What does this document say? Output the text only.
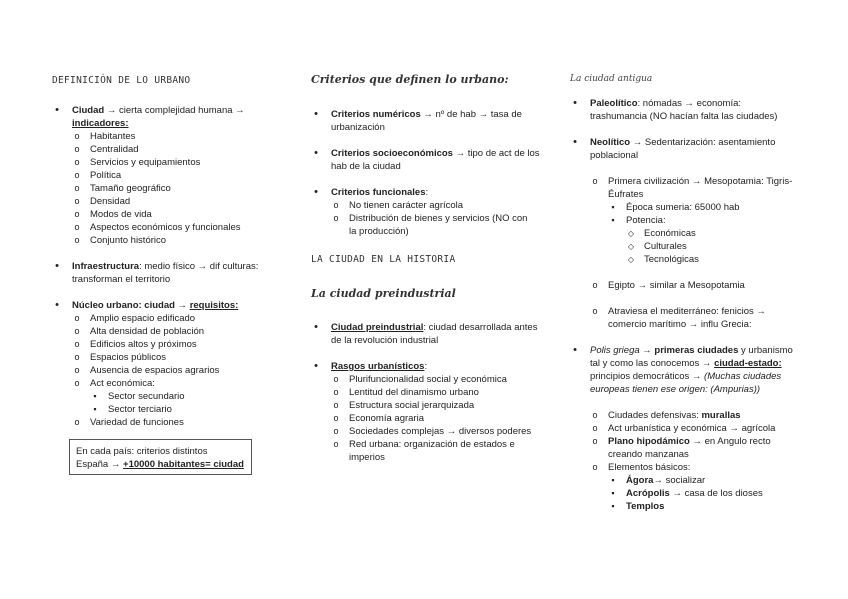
DEFINICIÓN DE LO URBANO
•
Ciudad → cierta complejidad humana →
indicadores:
o
Habitantes
o
Centralidad
o
Servicios y equipamientos
o
Política
o
Tamaño geográfico
o
Densidad
o
Modos de vida
o
Aspectos económicos y funcionales
o
Conjunto histórico
•
Infraestructura: medio físico → dif culturas:
transforman el territorio
•
Núcleo urbano: ciudad → requisitos:
o
Amplio espacio edificado
o
Alta densidad de población
o
Edificios altos y próximos
o
Espacios públicos
o
Ausencia de espacios agrarios
o
Act económica:
▪
Sector secundario
▪
Sector terciario
o
Variedad de funciones
En cada país: criterios distintos
España → +10000 habitantes= ciudad
Criterios que definen lo urbano:
•
Criterios numéricos → nº de hab → tasa de
urbanización
•
Criterios socioeconómicos → tipo de act de los
hab de la ciudad
•
Criterios funcionales:
o
No tienen carácter agrícola
o
Distribución de bienes y servicios (NO con
la producción)
LA CIUDAD EN LA HISTORIA
La ciudad preindustrial
•
Ciudad preindustrial: ciudad desarrollada antes
de la revolución industrial
•
Rasgos urbanísticos:
o
Plurifuncionalidad social y económica
o
Lentitud del dinamismo urbano
o
Estructura social jerarquizada
o
Economía agraria
o
Sociedades complejas → diversos poderes
o
Red urbana: organización de estados e
imperios
La ciudad antigua
•
Paleolítico: nómadas → economía:
trashumancia (NO hacían falta las ciudades)
•
Neolítico → Sedentarización: asentamiento
poblacional
o
Primera civilización → Mesopotamia: Tigris-
Éufrates
▪
Época sumeria: 65000 hab
▪
Potencia:
◇
Económicas
◇
Culturales
◇
Tecnológicas
o
Egipto → similar a Mesopotamia
o
Atraviesa el mediterráneo: fenicios →
comercio marítimo → influ Grecia:
•
Polis griega → primeras ciudades y urbanismo
tal y como las conocemos → ciudad-estado:
principios democráticos → (Muchas ciudades
europeas tienen ese origen: (Ampurias))
o
Ciudades defensivas: murallas
o
Act urbanística y económica → agrícola
o
Plano hipodámico → en Angulo recto
creando manzanas
o
Elementos básicos:
▪
Ágora→ socializar
▪
Acrópolis → casa de los dioses
▪
Templos
